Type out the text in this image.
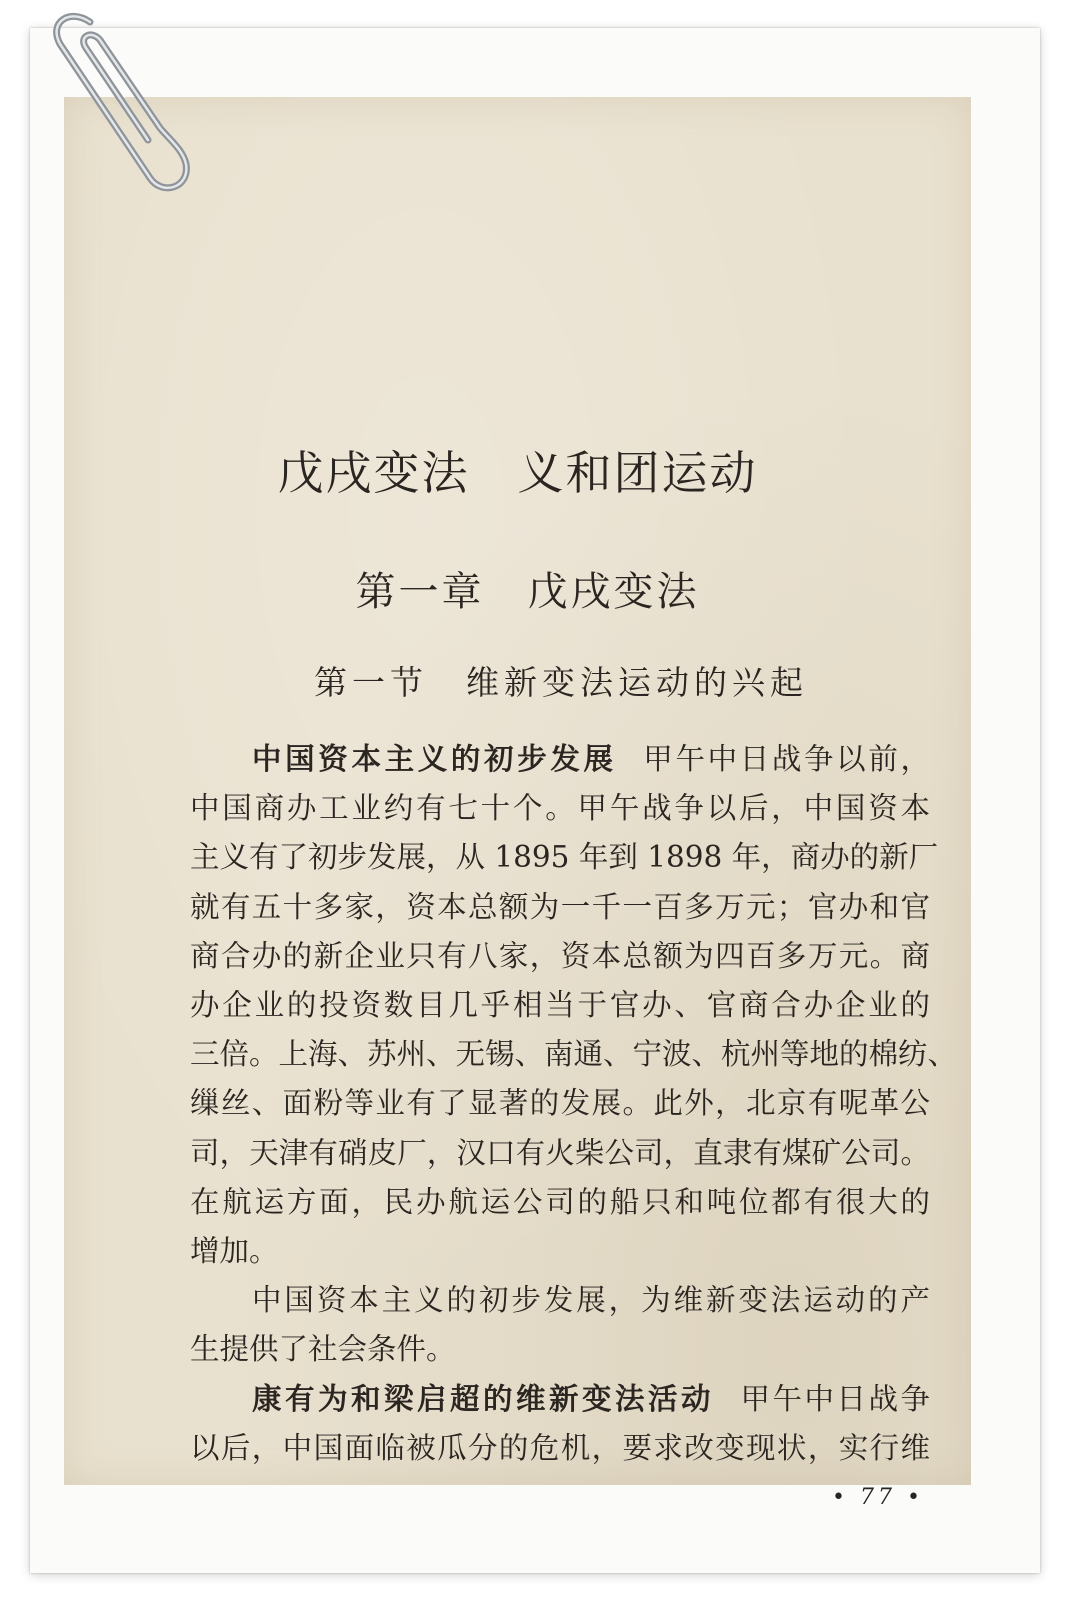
戊戌变法　义和团运动
第一章　戊戌变法
第一节　维新变法运动的兴起

中国资本主义的初步发展 甲午中日战争以前，
中国商办工业约有七十个。甲午战争以后，中国资本
主义有了初步发展，从 1895 年到 1898 年，商办的新厂
就有五十多家，资本总额为一千一百多万元；官办和官
商合办的新企业只有八家，资本总额为四百多万元。商
办企业的投资数目几乎相当于官办、官商合办企业的
三倍。上海、苏州、无锡、南通、宁波、杭州等地的棉纺、
缫丝、面粉等业有了显著的发展。此外，北京有呢革公
司，天津有硝皮厂，汉口有火柴公司，直隶有煤矿公司。
在航运方面，民办航运公司的船只和吨位都有很大的
增加。

中国资本主义的初步发展，为维新变法运动的产
生提供了社会条件。

康有为和梁启超的维新变法活动 甲午中日战争
以后，中国面临被瓜分的危机，要求改变现状，实行维

• 77 •
